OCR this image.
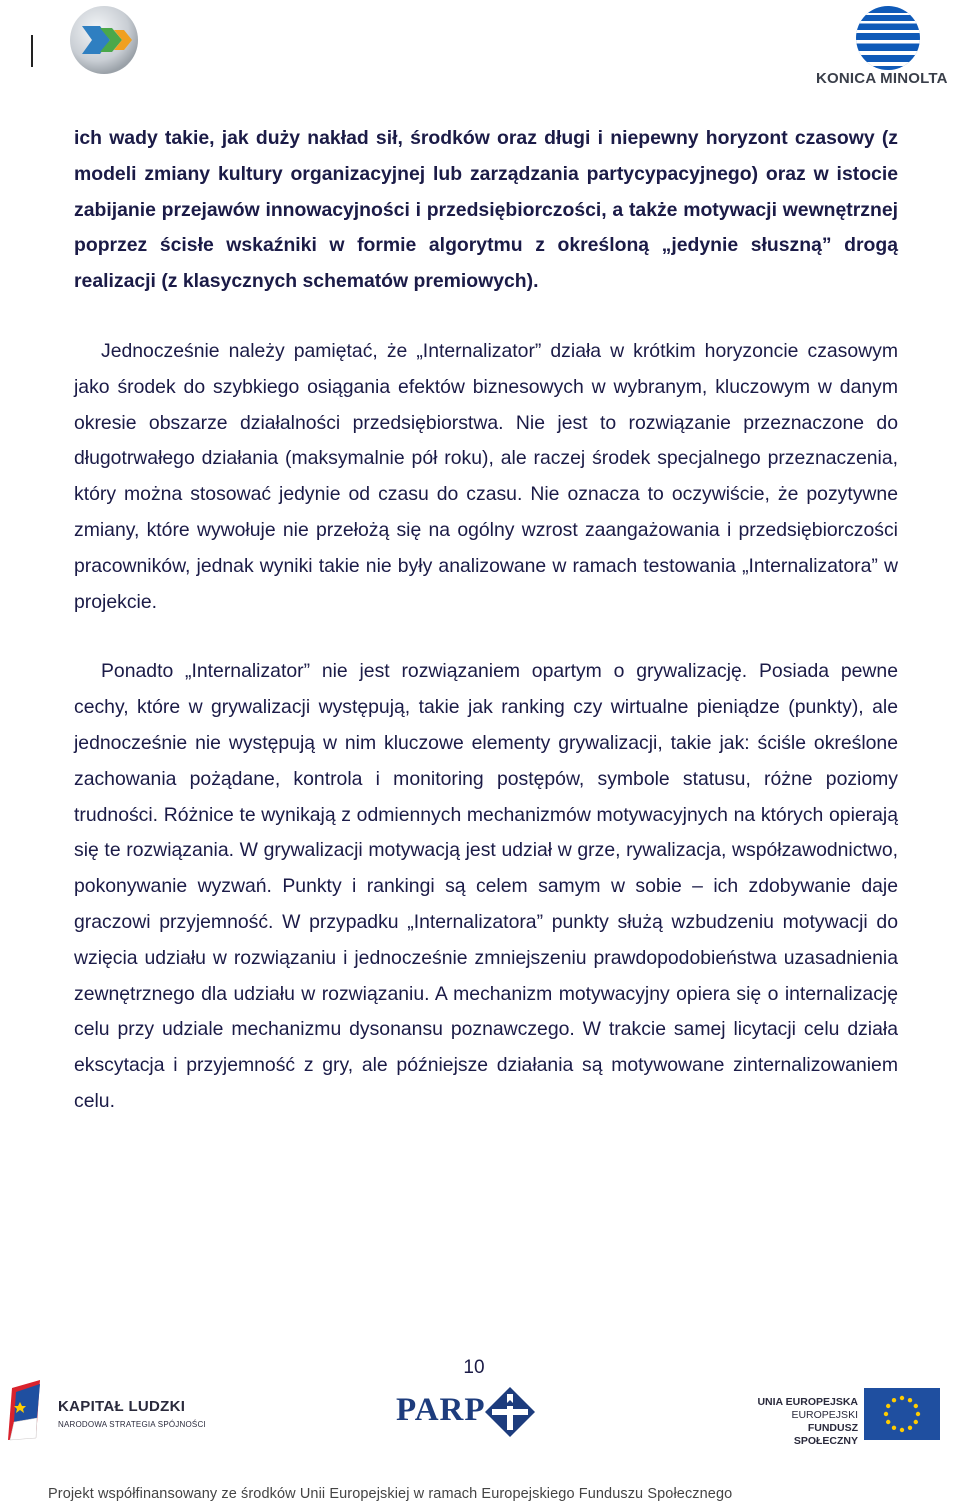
KONICA MINOLTA

ich wady takie, jak duży nakład sił, środków oraz długi i niepewny horyzont czasowy (z modeli zmiany kultury organizacyjnej lub zarządzania partycypacyjnego) oraz w istocie zabijanie przejawów innowacyjności i przedsiębiorczości, a także motywacji wewnętrznej poprzez ścisłe wskaźniki w formie algorytmu z określoną „jedynie słuszną” drogą realizacji (z klasycznych schematów premiowych).

Jednocześnie należy pamiętać, że „Internalizator” działa w krótkim horyzoncie czasowym jako środek do szybkiego osiągania efektów biznesowych w wybranym, kluczowym w danym okresie obszarze działalności przedsiębiorstwa. Nie jest to rozwiązanie przeznaczone do długotrwałego działania (maksymalnie pół roku), ale raczej środek specjalnego przeznaczenia, który można stosować jedynie od czasu do czasu. Nie oznacza to oczywiście, że pozytywne zmiany, które wywołuje nie przełożą się na ogólny wzrost zaangażowania i przedsiębiorczości pracowników, jednak wyniki takie nie były analizowane w ramach testowania „Internalizatora” w projekcie.

Ponadto „Internalizator” nie jest rozwiązaniem opartym o grywalizację. Posiada pewne cechy, które w grywalizacji występują, takie jak ranking czy wirtualne pieniądze (punkty), ale jednocześnie nie występują w nim kluczowe elementy grywalizacji, takie jak: ściśle określone zachowania pożądane, kontrola i monitoring postępów, symbole statusu, różne poziomy trudności. Różnice te wynikają z odmiennych mechanizmów motywacyjnych na których opierają się te rozwiązania. W grywalizacji motywacją jest udział w grze, rywalizacja, współzawodnictwo, pokonywanie wyzwań. Punkty i rankingi są celem samym w sobie – ich zdobywanie daje graczowi przyjemność. W przypadku „Internalizatora” punkty służą wzbudzeniu motywacji do wzięcia udziału w rozwiązaniu i jednocześnie zmniejszeniu prawdopodobieństwa uzasadnienia zewnętrznego dla udziału w rozwiązaniu. A mechanizm motywacyjny opiera się o internalizację celu przy udziale mechanizmu dysonansu poznawczego. W trakcie samej licytacji celu działa ekscytacja i przyjemność z gry, ale późniejsze działania są motywowane zinternalizowaniem celu.

10
KAPITAŁ LUDZKI
NARODOWA STRATEGIA SPÓJNOŚCI	PARP	UNIA EUROPEJSKA
EUROPEJSKI
FUNDUSZ SPOŁECZNY
Projekt współfinansowany ze środków Unii Europejskiej w ramach Europejskiego Funduszu Społecznego
